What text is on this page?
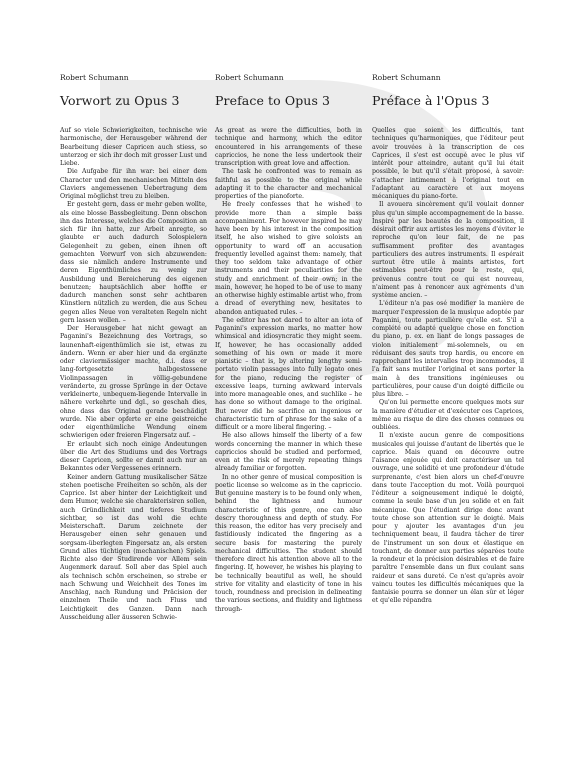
Robert Schumann
Vorwort zu Opus 3

Auf so viele Schwierigkeiten, technische wie harmonische, der Herausgeber während der Bearbeitung dieser Capricen auch stiess, so unterzog er sich ihr doch mit grosser Lust und Liebe.

Die Aufgabe für ihn war: bei einer dem Character und den mechanischen Mitteln des Claviers angemessenen Uebertragung dem Original möglichst treu zu bleiben.

Er gesteht gern, dass er mehr geben wollte, als eine blosse Bassbegleitung. Denn obschon ihn das Interesse, welches die Composition an sich für ihn hatte, zur Arbeit anregte, so glaubte er auch dadurch Solospielern Gelegenheit zu geben, einen ihnen oft gemachten Vorwurf von sich abzuwenden: dass sie nämlich andere Instrumente und deren Eigenthümliches zu wenig zur Ausbildung und Bereicherung des eigenen benutzen; hauptsächlich aber hoffte er dadurch manchen sonst sehr achtbaren Künstlern nützlich zu werden, die aus Scheu gegen alles Neue von veralteten Regeln nicht gern lassen wollen. –

Der Herausgeber hat nicht gewagt an Paganini's Bezeichnung des Vortrags, so launenhaft-eigenthümlich sie ist, etwas zu ändern. Wenn er aber hier und da ergänzte oder claviermässiger machte, d.i. dass er lang-fortgesetzte halbgestossene Violinpassagen in völlig-gebundene veränderte, zu grosse Sprünge in der Octave verkleinerte, unbequem-liegende Intervalle in nähere verkehrte und dgl., so geschah dies, ohne dass das Original gerade beschädigt wurde. Nie aber opferte er eine geistreiche oder eigenthümliche Wendung einem schwierigen oder freieren Fingersatz auf. –

Er erlaubt sich noch einige Andeutungen über die Art des Studiums und des Vortrags dieser Capricen, sollte er damit auch nur an Bekanntes oder Vergessenes erinnern.

Keiner andern Gattung musikalischer Sätze stehen poetische Freiheiten so schön, als der Caprice. Ist aber hinter der Leichtigkeit und dem Humor, welche sie charakterisiren sollen, auch Gründlichkeit und tieferes Studium sichtbar, so ist das wohl die echte Meisterschaft. Darum zeichnete der Herausgeber einen sehr genauen und sorgsam-überlegten Fingersatz an, als ersten Grund alles tüchtigen (mechanischen) Spiels. Richte also der Studirende vor Allem sein Augenmerk darauf. Soll aber das Spiel auch als technisch schön erscheinen, so strebe er nach Schwung und Weichheit des Tones im Anschlag, nach Rundung und Präcision der einzelnen Theile und nach Fluss und Leichtigkeit des Ganzen. Dann nach Ausscheidung aller äusseren Schwie-

Robert Schumann
Preface to Opus 3

As great as were the difficulties, both in technique and harmony, which the editor encountered in his arrangements of these capriccios, he none the less undertook their transcription with great love and affection.

The task he confronted was to remain as faithful as possible to the original while adapting it to the character and mechanical properties of the pianoforte.

He freely confesses that he wished to provide more than a simple bass accompaniment. For however inspired he may have been by his interest in the composition itself, he also wished to give soloists an opportunity to ward off an accusation frequently levelled against them: namely, that they too seldom take advantage of other instruments and their peculiarities for the study and enrichment of their own; in the main, however, he hoped to be of use to many an otherwise highly estimable artist who, from a dread of everything new, hesitates to abandon antiquated rules. –

The editor has not dared to alter an iota of Paganini's expression marks, no matter how whimsical and idiosyncratic they might seem. If, however, he has occasionally added something of his own or made it more pianistic – that is, by altering lengthy semi-portato violin passages into fully legato ones for the piano, reducing the register of excessive leaps, turning awkward intervals into more manageable ones, and suchlike – he has done so without damage to the original. But never did he sacrifice an ingenious or characteristic turn of phrase for the sake of a difficult or a more liberal fingering. –

He also allows himself the liberty of a few words concerning the manner in which these capriccios should be studied and performed, even at the risk of merely repeating things already familiar or forgotten.

In no other genre of musical composition is poetic license so welcome as in the capriccio. But genuine mastery is to be found only when, behind the lightness and humour characteristic of this genre, one can also descry thoroughness and depth of study. For this reason, the editor has very precisely and fastidiously indicated the fingering as a secure basis for mastering the purely mechanical difficulties. The student should therefore direct his attention above all to the fingering. If, however, he wishes his playing to be technically beautiful as well, he should strive for vitality and elasticity of tone in his touch, roundness and precision in delineating the various sections, and fluidity and lightness through-

Robert Schumann
Préface à l'Opus 3

Quelles que soient les difficultés, tant techniques qu'harmoniques, que l'éditeur peut avoir trouvées à la transcription de ces Caprices, il s'est est occupé avec le plus vif intérêt pour atteindre, autant qu'il lui était possible, le but qu'il s'était proposé, à savoir: s'attacher intimement à l'original tout en l'adaptant au caractère et aux moyens mécaniques du piano-forte.

Il avouera sincèrement qu'il voulait donner plus qu'un simple accompagnement de la basse. Inspiré par les beautés de la composition, il désirait offrir aux artistes les moyens d'éviter le reproche qu'on leur fait, de ne pas suffisamment profiter des avantages particuliers des autres instruments. Il espérait surtout être utile à maints artistes, fort estimables peut-être pour le reste, qui, prévenus contre tout ce qui est nouveau, n'aiment pas à renoncer aux agréments d'un système ancien. –

L'éditeur n'a pas osé modifier la manière de marquer l'expression de la musique adoptée par Paganini, toute particulière qu'elle est. S'il a complété ou adapté quelque chose en fonction du piano, p. ex. en liant de longs passages de violon initialement mi-solemnels, ou en réduisant des sauts trop hardis, ou encore en rapprochant les intervalles trop incommodes, il l'a fait sans mutiler l'original et sans porter la main à des transitions ingénieuses ou particulières, pour cause d'un doigté difficile ou plus libre. –

Qu'on lui permette encore quelques mots sur la manière d'étudier et d'exécuter ces Caprices, même au risque de dire des choses connues ou oubliées.

Il n'existe aucun genre de compositions musicales qui jouisse d'autant de libertés que le caprice. Mais quand on découvre outre l'aisance enjouée qui doit caractériser un tel ouvrage, une solidité et une profondeur d'étude surprenante, c'est bien alors un chef-d'œuvre dans toute l'acception du mot. Voilà pourquoi l'éditeur a soigneusement indiqué le doigté, comme la seule base d'un jeu solide et en fait mécanique. Que l'étudiant dirige donc avant toute chose son attention sur le doigté. Mais pour y ajouter les avantages d'un jeu techniquement beau, il faudra tâcher de tirer de l'instrument un son doux et élastique en touchant, de donner aux parties séparées toute la rondeur et la précision désirables et de faire paraître l'ensemble dans un flux coulant sans raideur et sans dureté. Ce n'est qu'après avoir vaincu toutes les difficultés mécaniques que la fantaisie pourra se donner un élan sûr et léger et qu'elle répandra
